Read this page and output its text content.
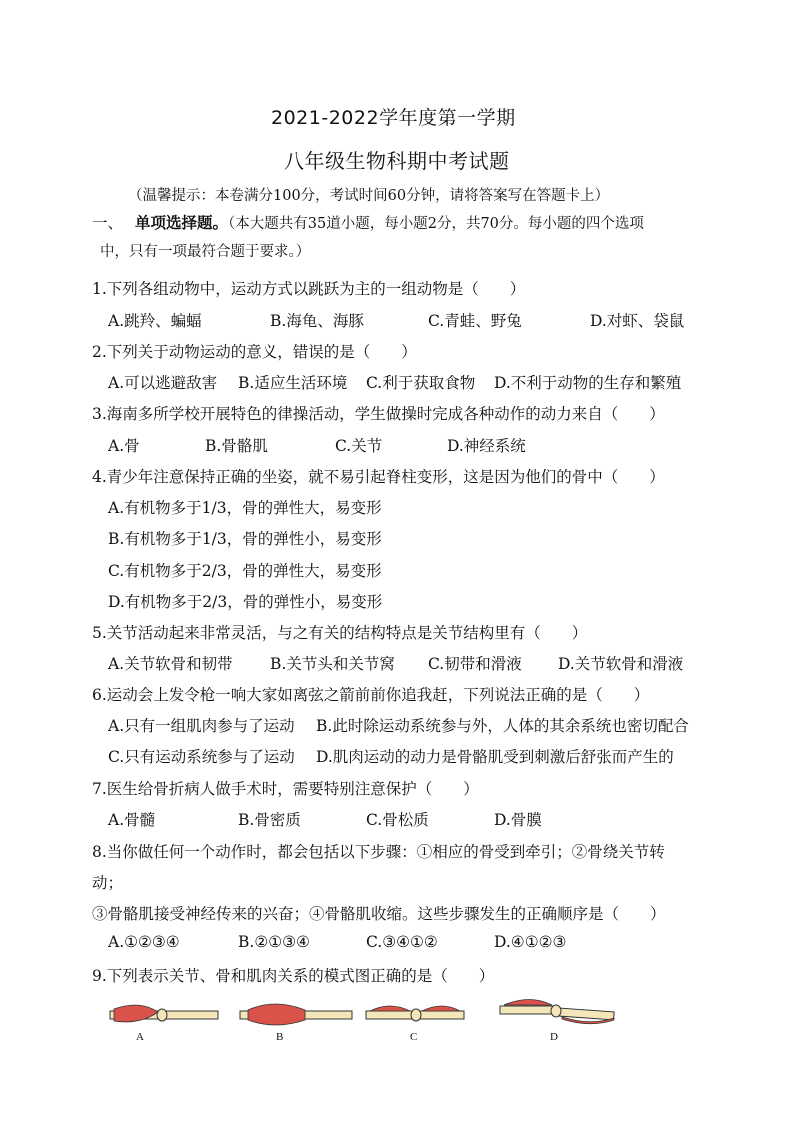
2021-2022学年度第一学期
八年级生物科期中考试题
（温馨提示：本卷满分100分，考试时间60分钟，请将答案写在答题卡上）
一、 单项选择题。（本大题共有35道小题，每小题2分，共70分。每小题的四个选项
中，只有一项最符合题于要求。）
1.下列各组动物中，运动方式以跳跃为主的一组动物是（　　）
A.跳羚、蝙蝠	B.海龟、海豚	C.青蛙、野兔	D.对虾、袋鼠
2.下列关于动物运动的意义，错误的是（　　）
A.可以逃避敌害 B.适应生活环境 C.利于获取食物 D.不利于动物的生存和繁殖
3.海南多所学校开展特色的律操活动，学生做操时完成各种动作的动力来自（　　）
A.骨	B.骨骼肌	C.关节	D.神经系统
4.青少年注意保持正确的坐姿，就不易引起脊柱变形，这是因为他们的骨中（　　）
A.有机物多于1/3，骨的弹性大，易变形
B.有机物多于1/3，骨的弹性小，易变形
C.有机物多于2/3，骨的弹性大，易变形
D.有机物多于2/3，骨的弹性小，易变形
5.关节活动起来非常灵活，与之有关的结构特点是关节结构里有（　　）
A.关节软骨和韧带 B.关节头和关节窝 C.韧带和滑液 D.关节软骨和滑液
6.运动会上发令枪一响大家如离弦之箭前前你追我赶，下列说法正确的是（　　）
A.只有一组肌肉参与了运动 B.此时除运动系统参与外，人体的其余系统也密切配合
C.只有运动系统参与了运动 D.肌肉运动的动力是骨骼肌受到刺激后舒张而产生的
7.医生给骨折病人做手术时，需要特别注意保护（　　）
A.骨髓	B.骨密质	C.骨松质	D.骨膜
8.当你做任何一个动作时，都会包括以下步骤：①相应的骨受到牵引；②骨绕关节转
动；
③骨骼肌接受神经传来的兴奋；④骨骼肌收缩。这些步骤发生的正确顺序是（　　）
A.①②③④	B.②①③④	C.③④①②	D.④①②③
9.下列表示关节、骨和肌肉关系的模式图正确的是（　　）
A	B	C	D
